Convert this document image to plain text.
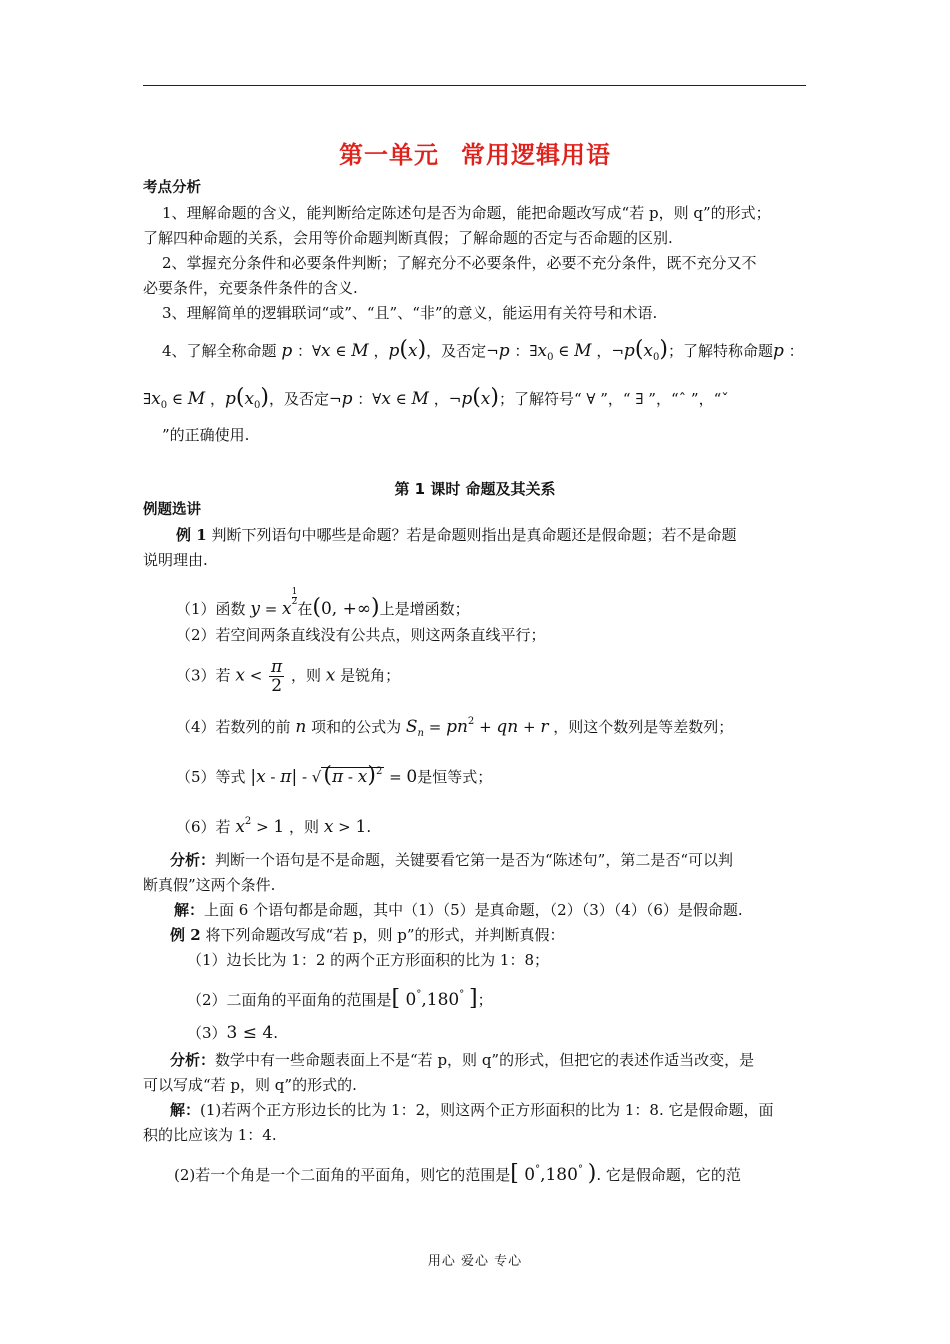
第一单元 常用逻辑用语
考点分析
1、理解命题的含义，能判断给定陈述句是否为命题，能把命题改写成“若 p，则 q”的形式；
了解四种命题的关系，会用等价命题判断真假；了解命题的否定与否命题的区别.
2、掌握充分条件和必要条件判断；了解充分不必要条件，必要不充分条件，既不充分又不
必要条件，充要条件条件的含义.
3、理解简单的逻辑联词“或”、“且”、“非”的意义，能运用有关符号和术语.
4、了解全称命题 p ：∀x ∈ M ，p(x)，及否定¬p ：$\exists x_0$ ∈ M ，$\neg p(x_0)$；了解特称命题p ：
$\exists x_0$ ∈ M ，$p(x_0)$，及否定¬p ：∀x ∈ M ，¬p(x)；了解符号“ ∀ ”，“ ∃ ”，“ˆ ”，“ˇ
”的正确使用.
第 1 课时 命题及其关系
例题选讲
例 1 判断下列语句中哪些是命题？若是命题则指出是真命题还是假命题；若不是命题
说明理由.
（1）函数 y = x
$\frac{1}{2}$在(0, +∞)上是增函数；
（2）若空间两条直线没有公共点，则这两条直线平行；
（3）若 $x < \frac{\pi}{2}$ ，则 x 是锐角；
（4）若数列的前 n 项和的公式为 $S_n = pn^2$ + qn + r ，则这个数列是等差数列；
（5）等式 |x - π| - √(π - x)$^2$ = 0是恒等式；
（6）若 $x^2 > 1$ ，则 x > 1.
分析：判断一个语句是不是命题，关键要看它第一是否为“陈述句”，第二是否“可以判
断真假”这两个条件.
解：上面 6 个语句都是命题，其中（1）（5）是真命题，（2）（3）（4）（6）是假命题.
例 2 将下列命题改写成“若 p，则 p”的形式，并判断真假：
（1）边长比为 1：2 的两个正方形面积的比为 1：8；
（2）二面角的平面角的范围是[ 0°,180° ]；
（3）3 ≤ 4.
分析：数学中有一些命题表面上不是“若 p，则 q”的形式，但把它的表述作适当改变，是
可以写成“若 p，则 q”的形式的.
解：(1)若两个正方形边长的比为 1：2，则这两个正方形面积的比为 1：8. 它是假命题，面
积的比应该为 1：4.
(2)若一个角是一个二面角的平面角，则它的范围是[ 0°,180° ). 它是假命题，它的范
用心 爱心 专心
